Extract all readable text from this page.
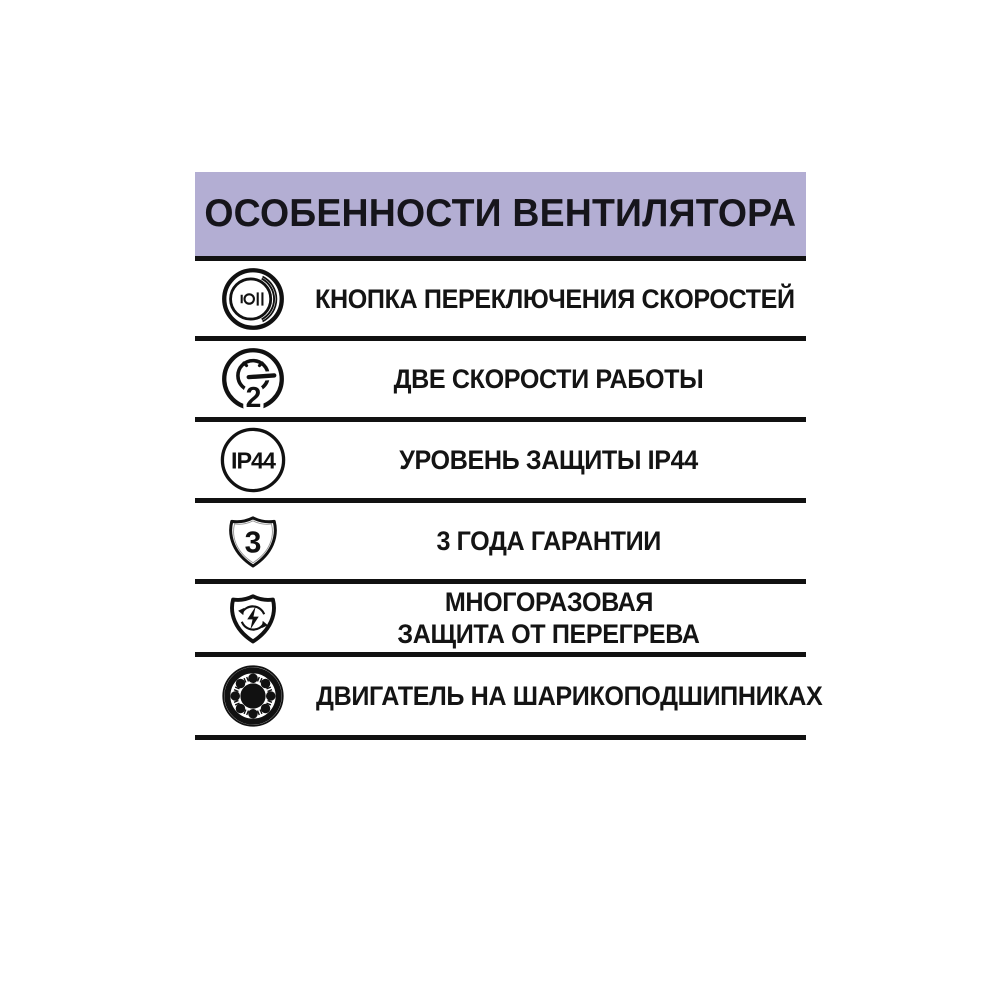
ОСОБЕННОСТИ ВЕНТИЛЯТОРА
КНОПКА ПЕРЕКЛЮЧЕНИЯ СКОРОСТЕЙ
2
ДВЕ СКОРОСТИ РАБОТЫ
IP44	УРОВЕНЬ ЗАЩИТЫ IP44
3	3 ГОДА ГАРАНТИИ
МНОГОРАЗОВАЯ
ЗАЩИТА ОТ ПЕРЕГРЕВА
ДВИГАТЕЛЬ НА ШАРИКОПОДШИПНИКАХ
